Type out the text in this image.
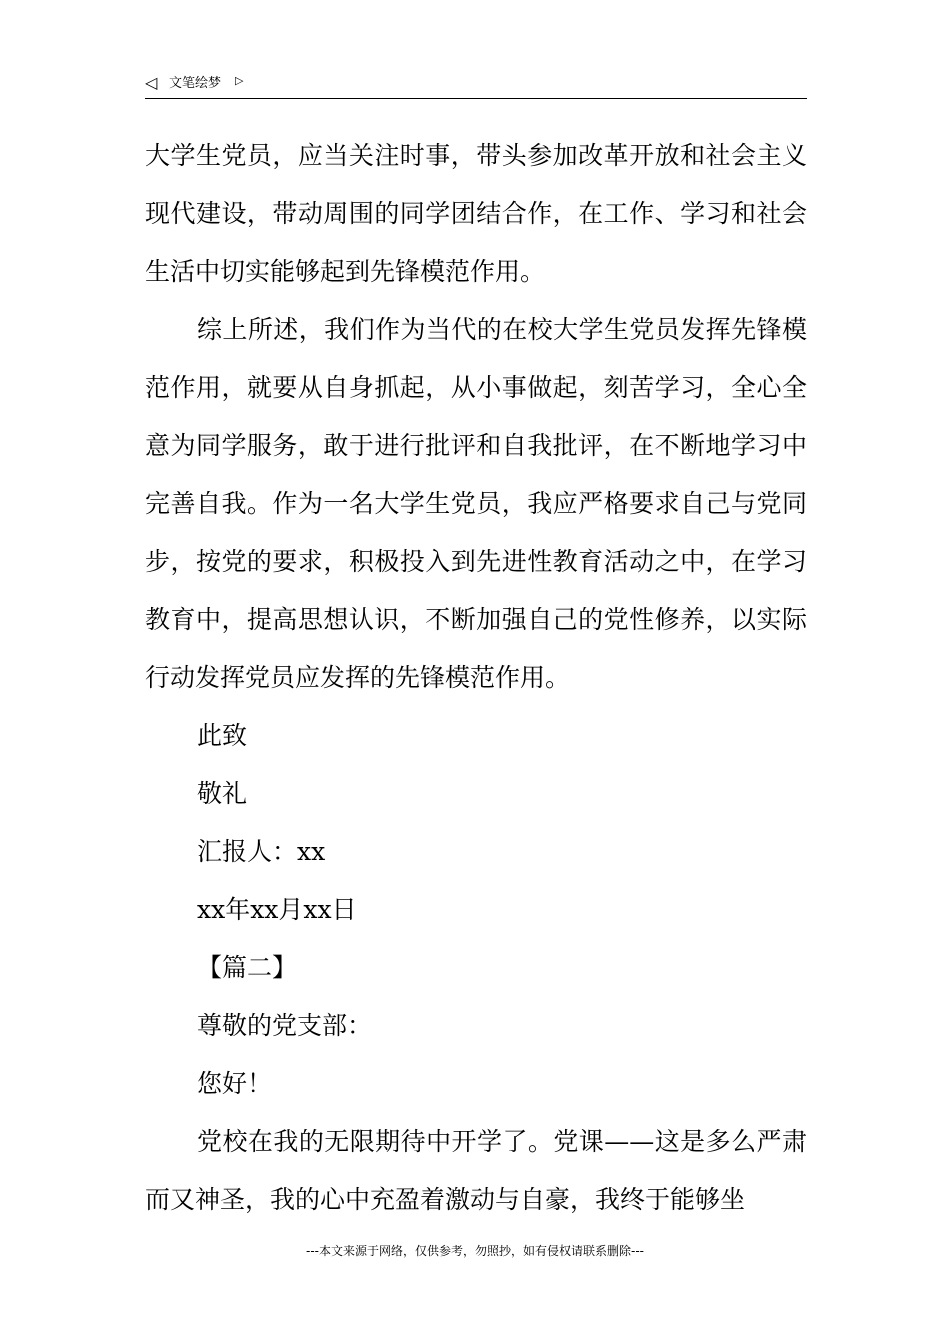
◁ 文笔绘梦 ▷

大学生党员，应当关注时事，带头参加改革开放和社会主义现代建设，带动周围的同学团结合作，在工作、学习和社会生活中切实能够起到先锋模范作用。

综上所述，我们作为当代的在校大学生党员发挥先锋模范作用，就要从自身抓起，从小事做起，刻苦学习，全心全意为同学服务，敢于进行批评和自我批评，在不断地学习中完善自我。作为一名大学生党员，我应严格要求自己与党同步，按党的要求，积极投入到先进性教育活动之中，在学习教育中，提高思想认识，不断加强自己的党性修养，以实际行动发挥党员应发挥的先锋模范作用。

此致

敬礼

汇报人：xx

xx年xx月xx日

【篇二】

尊敬的党支部：

您好！

党校在我的无限期待中开学了。党课——这是多么严肃而又神圣，我的心中充盈着激动与自豪，我终于能够坐

---本文来源于网络，仅供参考，勿照抄，如有侵权请联系删除---
